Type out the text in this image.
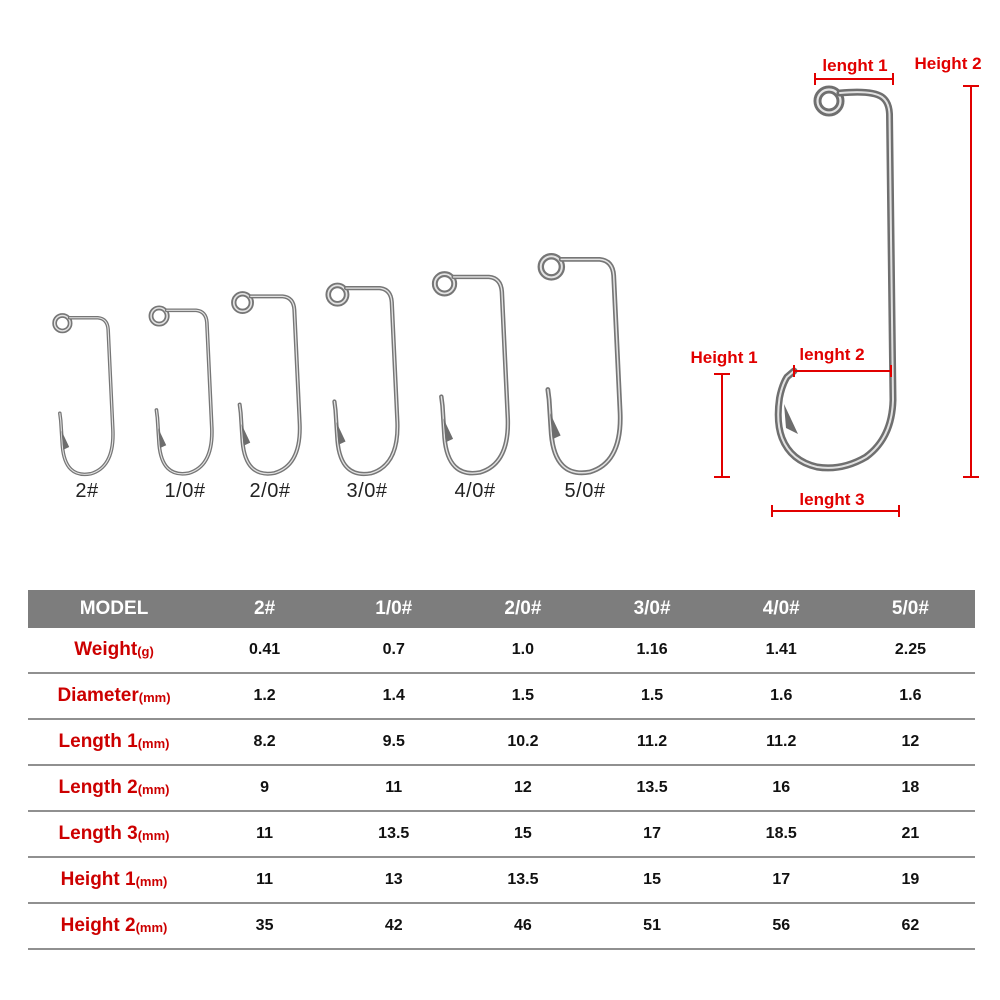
2#	1/0#	2/0#	3/0#	4/0#	5/0#
lenght 1	Height 2
Height 1	lenght 2
lenght 3
MODEL	2#	1/0#	2/0#	3/0#	4/0#	5/0#
Weight(g)	0.41	0.7	1.0	1.16	1.41	2.25
Diameter(mm)	1.2	1.4	1.5	1.5	1.6	1.6
Length 1(mm)	8.2	9.5	10.2	11.2	11.2	12
Length 2(mm)	9	11	12	13.5	16	18
Length 3(mm)	11	13.5	15	17	18.5	21
Height 1(mm)	11	13	13.5	15	17	19
Height 2(mm)	35	42	46	51	56	62
